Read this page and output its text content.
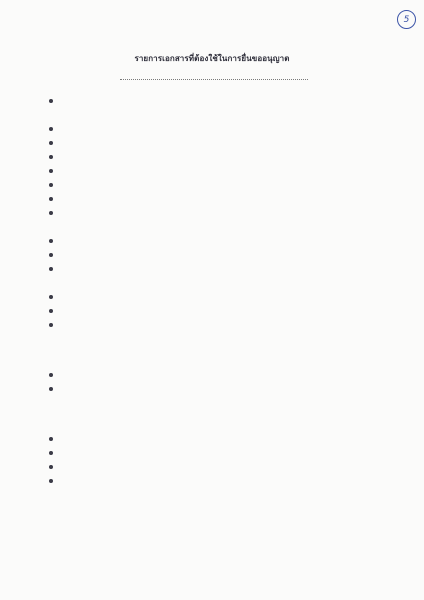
5
รายการเอกสารที่ต้องใช้ในการยื่นขออนุญาต
